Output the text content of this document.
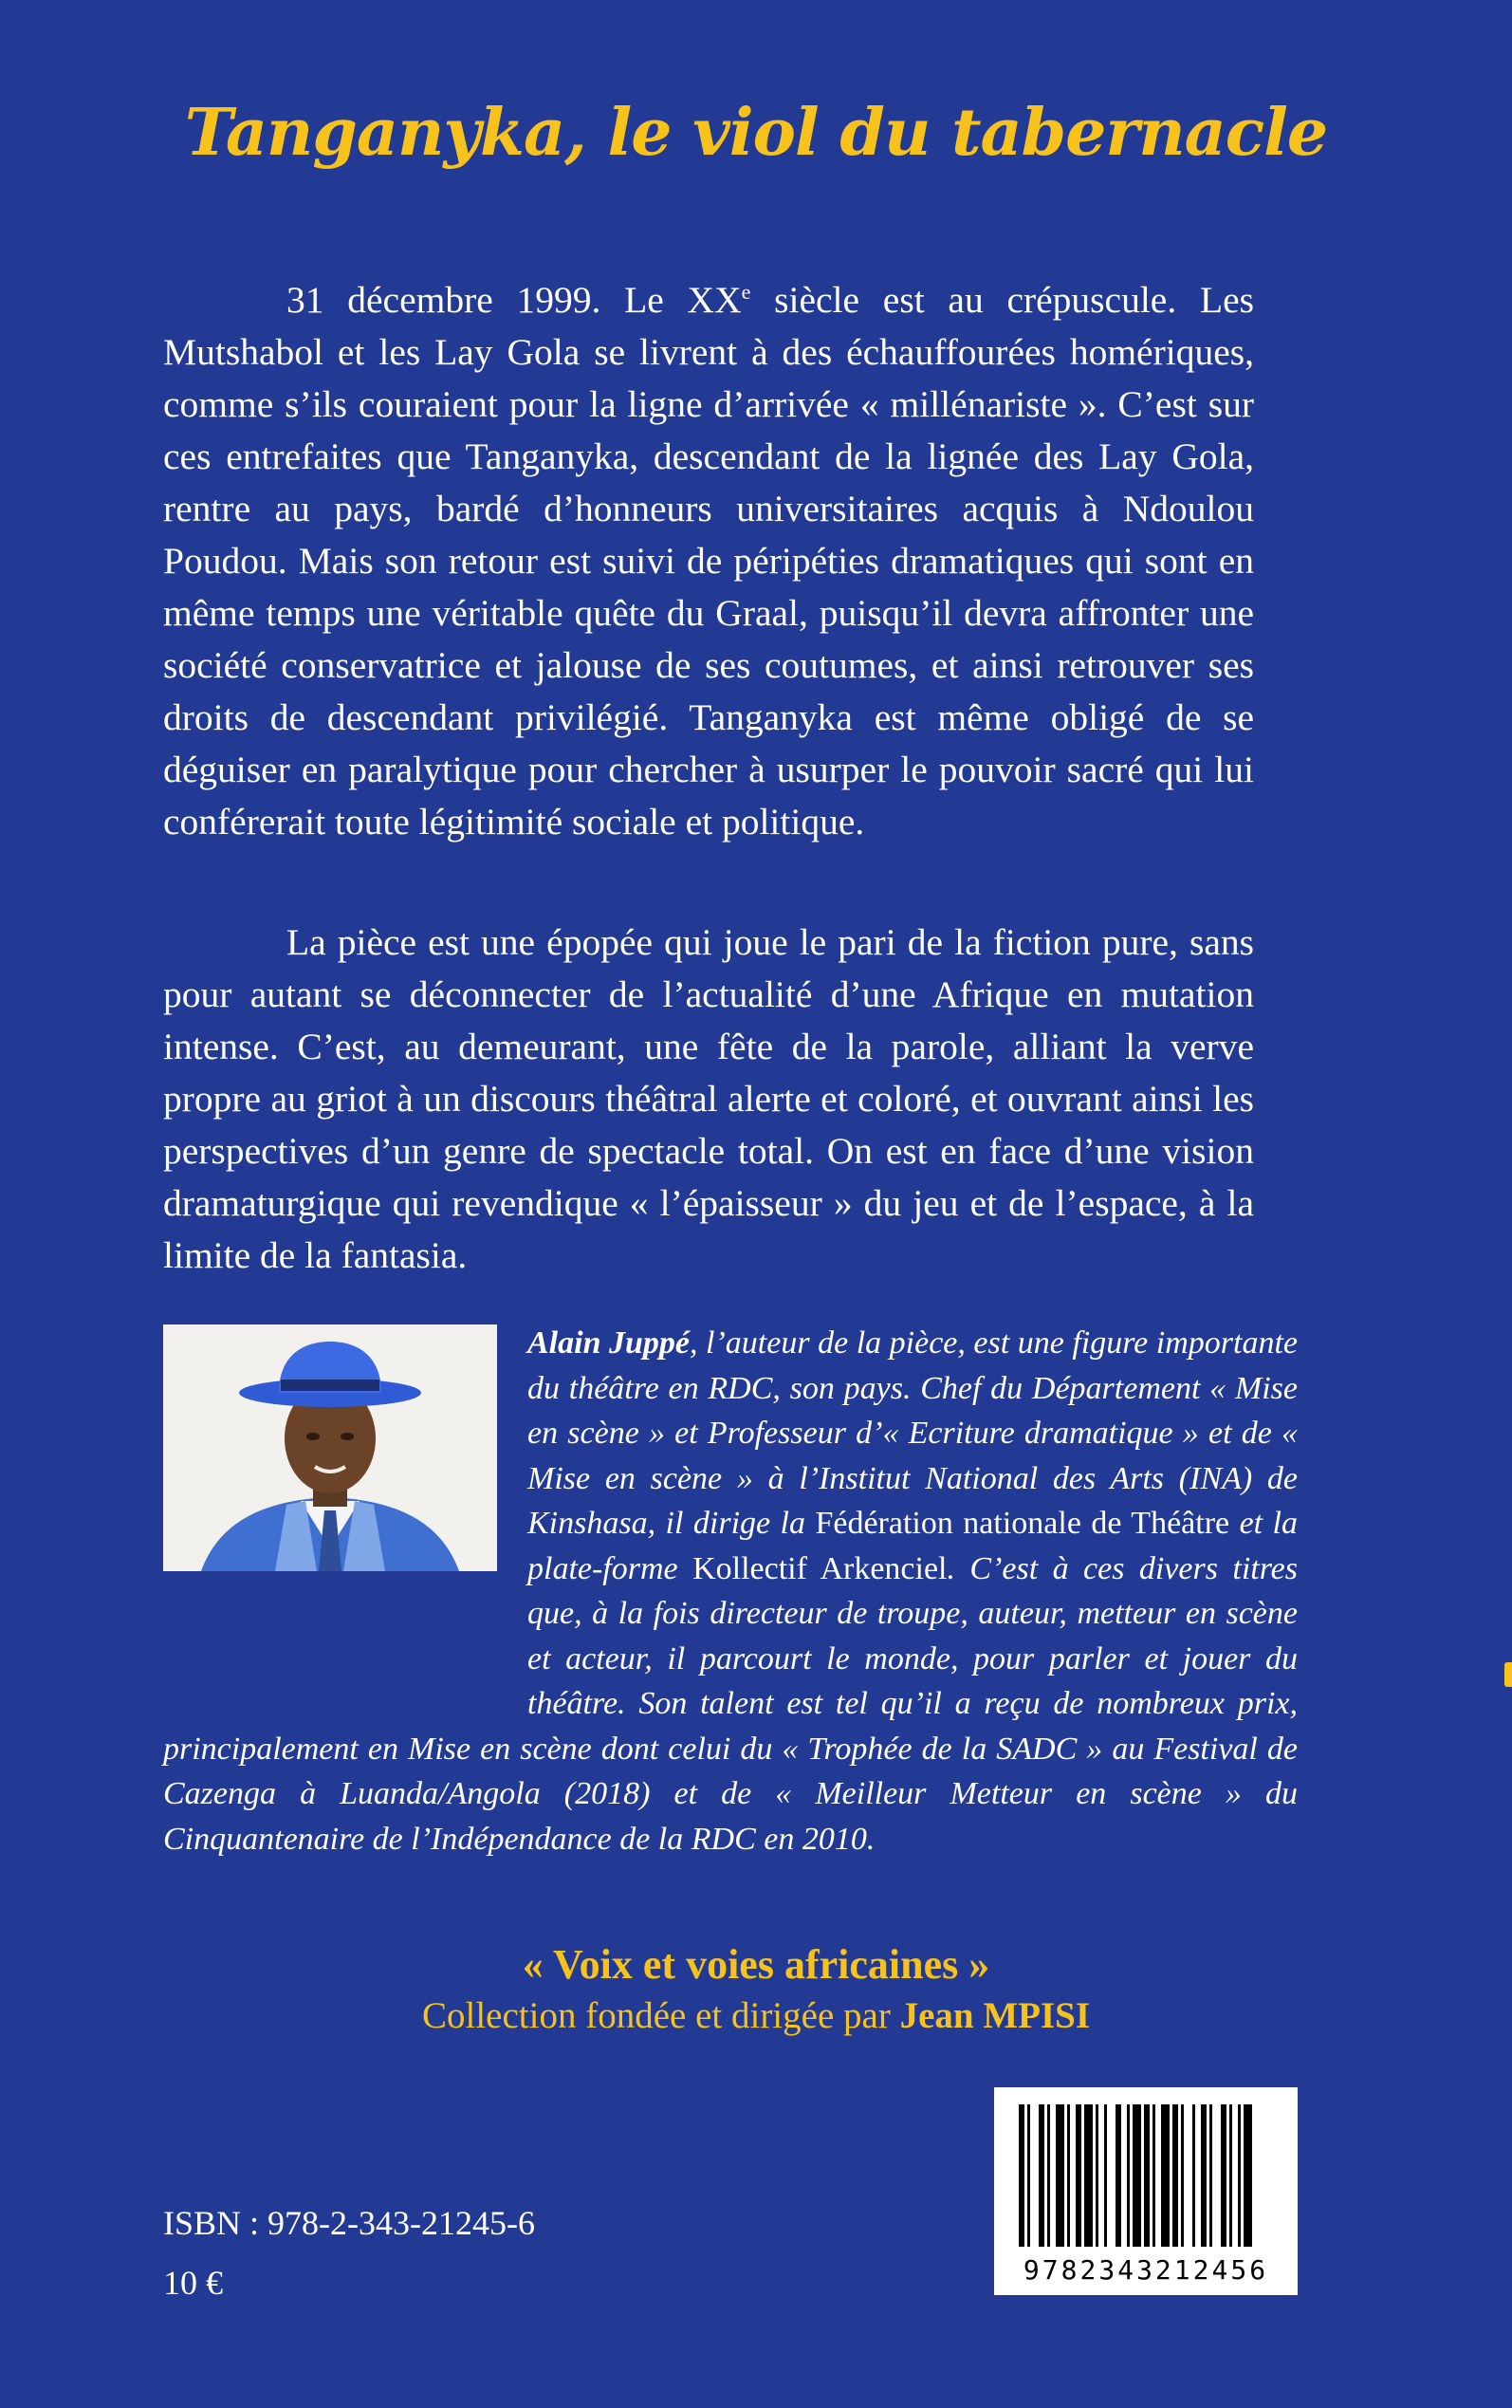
Tanganyka, le viol du tabernacle

31 décembre 1999. Le XXe siècle est au crépuscule. Les Mutshabol et les Lay Gola se livrent à des échauffourées homériques, comme s’ils couraient pour la ligne d’arrivée « millénariste ». C’est sur ces entrefaites que Tanganyka, descendant de la lignée des Lay Gola, rentre au pays, bardé d’honneurs universitaires acquis à Ndoulou Poudou. Mais son retour est suivi de péripéties dramatiques qui sont en même temps une véritable quête du Graal, puisqu’il devra affronter une société conservatrice et jalouse de ses coutumes, et ainsi retrouver ses droits de descendant privilégié. Tanganyka est même obligé de se déguiser en paralytique pour chercher à usurper le pouvoir sacré qui lui conférerait toute légitimité sociale et politique.

La pièce est une épopée qui joue le pari de la fiction pure, sans pour autant se déconnecter de l’actualité d’une Afrique en mutation intense. C’est, au demeurant, une fête de la parole, alliant la verve propre au griot à un discours théâtral alerte et coloré, et ouvrant ainsi les perspectives d’un genre de spectacle total. On est en face d’une vision dramaturgique qui revendique « l’épaisseur » du jeu et de l’espace, à la limite de la fantasia.

Alain Juppé, l’auteur de la pièce, est une figure importante du théâtre en RDC, son pays. Chef du Département « Mise en scène » et Professeur d’« Ecriture dramatique » et de « Mise en scène » à l’Institut National des Arts (INA) de Kinshasa, il dirige la Fédération nationale de Théâtre et la plate-forme Kollectif Arkenciel. C’est à ces divers titres que, à la fois directeur de troupe, auteur, metteur en scène et acteur, il parcourt le monde, pour parler et jouer du théâtre. Son talent est tel qu’il a reçu de nombreux prix, principalement en Mise en scène dont celui du « Trophée de la SADC » au Festival de Cazenga à Luanda/Angola (2018) et de « Meilleur Metteur en scène » du Cinquantenaire de l’Indépendance de la RDC en 2010.
« Voix et voies africaines »
Collection fondée et dirigée par Jean MPISI
ISBN : 978-2-343-21245-6
10 €	9782343212456
